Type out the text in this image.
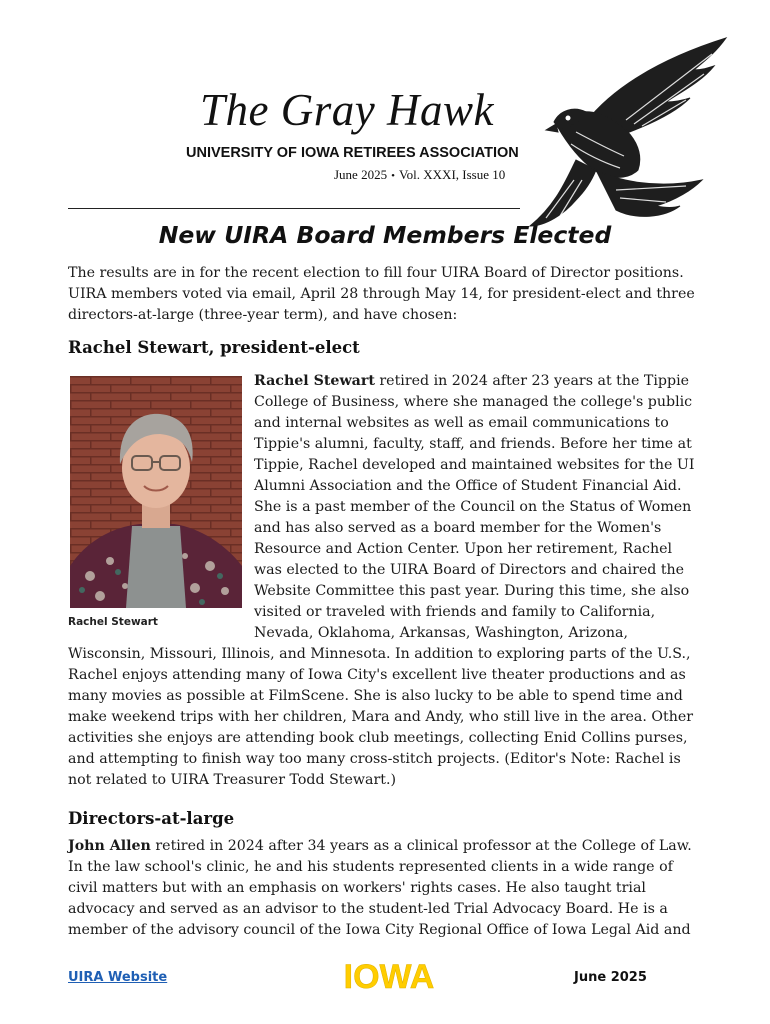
The Gray Hawk
UNIVERSITY OF IOWA RETIREES ASSOCIATION
June 2025 • Vol. XXXI, Issue 10
New UIRA Board Members Elected

The results are in for the recent election to fill four UIRA Board of Director positions.
UIRA members voted via email, April 28 through May 14, for president-elect and three
directors-at-large (three-year term), and have chosen:

Rachel Stewart, president-elect
Rachel Stewart

Rachel Stewart retired in 2024 after 23 years at the Tippie
College of Business, where she managed the college's public
and internal websites as well as email communications to
Tippie's alumni, faculty, staff, and friends. Before her time at
Tippie, Rachel developed and maintained websites for the UI
Alumni Association and the Office of Student Financial Aid.
She is a past member of the Council on the Status of Women
and has also served as a board member for the Women's
Resource and Action Center. Upon her retirement, Rachel
was elected to the UIRA Board of Directors and chaired the
Website Committee this past year. During this time, she also
visited or traveled with friends and family to California,
Nevada, Oklahoma, Arkansas, Washington, Arizona,

Wisconsin, Missouri, Illinois, and Minnesota. In addition to exploring parts of the U.S.,
Rachel enjoys attending many of Iowa City's excellent live theater productions and as
many movies as possible at FilmScene. She is also lucky to be able to spend time and
make weekend trips with her children, Mara and Andy, who still live in the area. Other
activities she enjoys are attending book club meetings, collecting Enid Collins purses,
and attempting to finish way too many cross-stitch projects. (Editor's Note: Rachel is
not related to UIRA Treasurer Todd Stewart.)

Directors-at-large

John Allen retired in 2024 after 34 years as a clinical professor at the College of Law.
In the law school's clinic, he and his students represented clients in a wide range of
civil matters but with an emphasis on workers' rights cases. He also taught trial
advocacy and served as an advisor to the student-led Trial Advocacy Board. He is a
member of the advisory council of the Iowa City Regional Office of Iowa Legal Aid and

UIRA Website	IOWA	June 2025
